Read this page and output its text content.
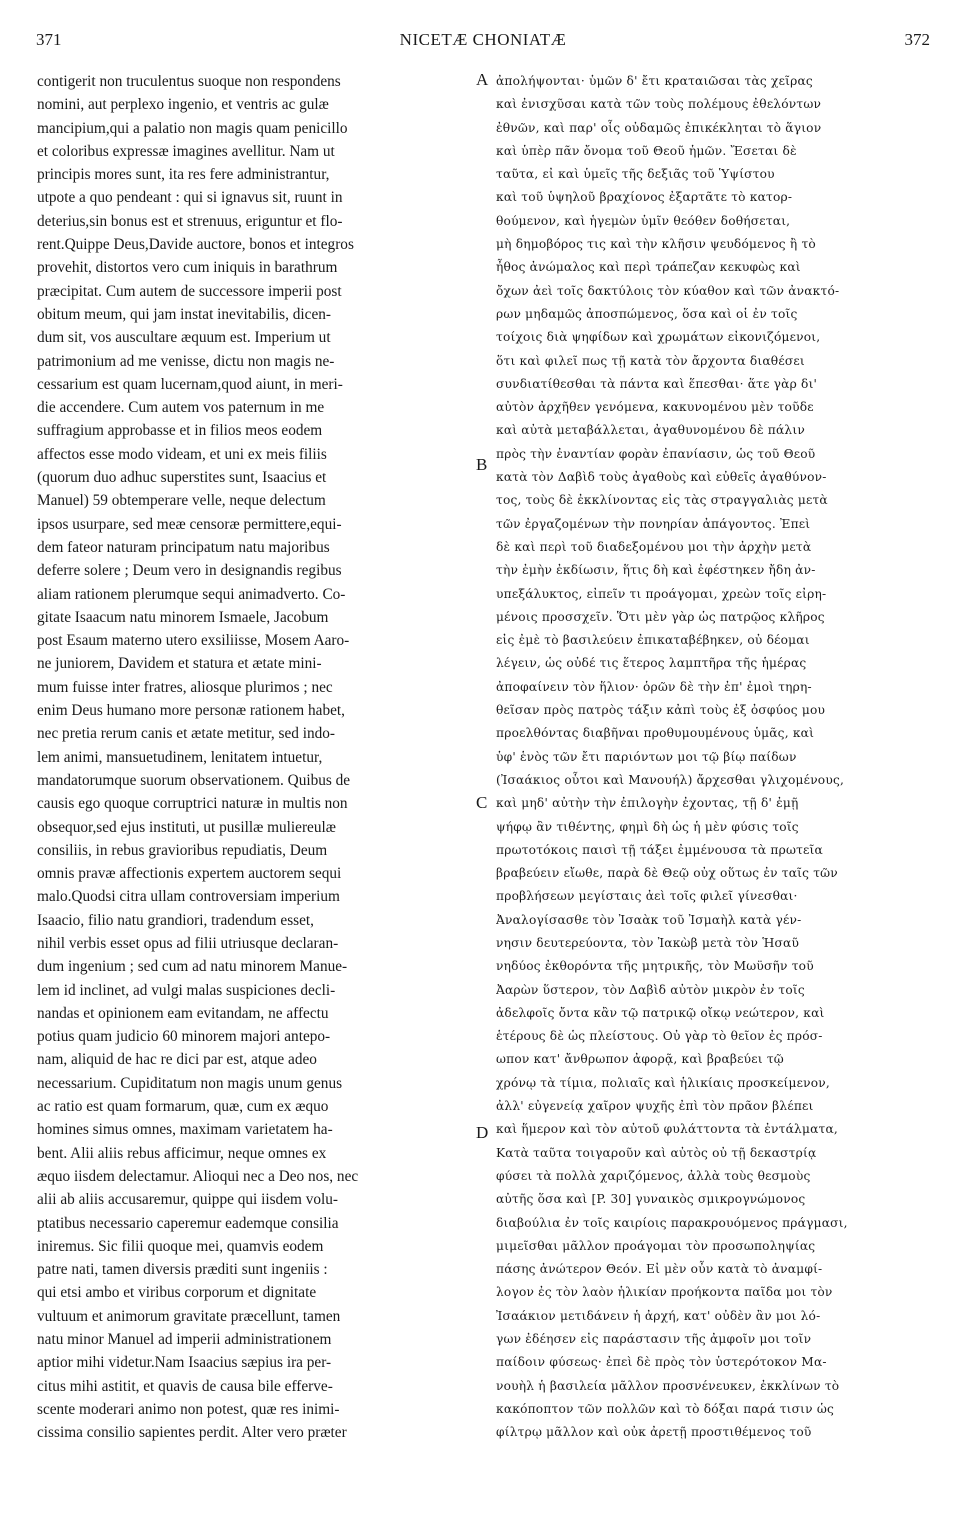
371	NICETÆ CHONIATÆ	372
contigerit non truculentus suoque non respondens
nomini, aut perplexo ingenio, et ventris ac gulæ
mancipium,qui a palatio non magis quam penicillo
et coloribus expressæ imagines avellitur. Nam ut
principis mores sunt, ita res fere administrantur,
utpote a quo pendeant : qui si ignavus sit, ruunt in
deterius,sin bonus est et strenuus, eriguntur et flo-
rent.Quippe Deus,Davide auctore, bonos et integros
provehit, distortos vero cum iniquis in barathrum
præcipitat. Cum autem de successore imperii post
obitum meum, qui jam instat inevitabilis, dicen-
dum sit, vos auscultare æquum est. Imperium ut
patrimonium ad me venisse, dictu non magis ne-
cessarium est quam lucernam,quod aiunt, in meri-
die accendere. Cum autem vos paternum in me
suffragium approbasse et in filios meos eodem
affectos esse modo videam, et uni ex meis filiis
(quorum duo adhuc superstites sunt, Isaacius et
Manuel) 59 obtemperare velle, neque delectum
ipsos usurpare, sed meæ censoræ permittere,equi-
dem fateor naturam principatum natu majoribus
deferre solere ; Deum vero in designandis regibus
aliam rationem plerumque sequi animadverto. Co-
gitate Isaacum natu minorem Ismaele, Jacobum
post Esaum materno utero exsiliisse, Mosem Aaro-
ne juniorem, Davidem et statura et ætate mini-
mum fuisse inter fratres, aliosque plurimos ; nec
enim Deus humano more personæ rationem habet,
nec pretia rerum canis et ætate metitur, sed indo-
lem animi, mansuetudinem, lenitatem intuetur,
mandatorumque suorum observationem. Quibus de
causis ego quoque corruptrici naturæ in multis non
obsequor,sed ejus instituti, ut pusillæ muliereulæ
consiliis, in rebus gravioribus repudiatis, Deum
omnis pravæ affectionis expertem auctorem sequi
malo.Quodsi citra ullam controversiam imperium
Isaacio, filio natu grandiori, tradendum esset,
nihil verbis esset opus ad filii utriusque declaran-
dum ingenium ; sed cum ad natu minorem Manue-
lem id inclinet, ad vulgi malas suspiciones decli-
nandas et opinionem eam evitandam, ne affectu
potius quam judicio 60 minorem majori antepo-
nam, aliquid de hac re dici par est, atque adeo
necessarium. Cupiditatum non magis unum genus
ac ratio est quam formarum, quæ, cum ex æquo
homines simus omnes, maximam varietatem ha-
bent. Alii aliis rebus afficimur, neque omnes ex
æquo iisdem delectamur. Alioqui nec a Deo nos, nec
alii ab aliis accusaremur, quippe qui iisdem volu-
ptatibus necessario caperemur eademque consilia
iniremus. Sic filii quoque mei, quamvis eodem
patre nati, tamen diversis præditi sunt ingeniis :
qui etsi ambo et viribus corporum et dignitate
vultuum et animorum gravitate præcellunt, tamen
natu minor Manuel ad imperii administrationem
aptior mihi videtur.Nam Isaacius sæpius ira per-
citus mihi astitit, et quavis de causa bile efferve-
scente moderari animo non potest, quæ res inimi-
cissima consilio sapientes perdit. Alter vero præter
ἀπολήψονται· ὑμῶν δ' ἔτι κραταιῶσαι τὰς χεῖρας
καὶ ἐνισχῦσαι κατὰ τῶν τοὺς πολέμους ἐθελόντων
ἐθνῶν, καὶ παρ' οἷς οὐδαμῶς ἐπικέκληται τὸ ἅγιον
καὶ ὑπὲρ πᾶν ὄνομα τοῦ Θεοῦ ἡμῶν. Ἔσεται δὲ
ταῦτα, εἰ καὶ ὑμεῖς τῆς δεξιᾶς τοῦ Ὑψίστου
καὶ τοῦ ὑψηλοῦ βραχίονος ἐξαρτᾶτε τὸ κατορ-
θούμενον, καὶ ἡγεμὼν ὑμῖν θεόθεν δοθήσεται,
μὴ δημοβόρος τις καὶ τὴν κλῆσιν ψευδόμενος ἢ τὸ
ἦθος ἀνώμαλος καὶ περὶ τράπεζαν κεκυφὼς καὶ
ὄχων ἀεὶ τοῖς δακτύλοις τὸν κύαθον καὶ τῶν ἀνακτό-
ρων μηδαμῶς ἀποσπώμενος, ὅσα καὶ οἱ ἐν τοῖς
τοίχοις διὰ ψηφίδων καὶ χρωμάτων εἰκονιζόμενοι,
ὅτι καὶ φιλεῖ πως τῇ κατὰ τὸν ἄρχοντα διαθέσει
συνδιατίθεσθαι τὰ πάντα καὶ ἕπεσθαι· ἅτε γὰρ δι'
αὐτὸν ἀρχῆθεν γενόμενα, κακυνομένου μὲν τοῦδε
καὶ αὐτὰ μεταβάλλεται, ἀγαθυνομένου δὲ πάλιν
πρὸς τὴν ἐναντίαν φορὰν ἐπανίασιν, ὡς τοῦ Θεοῦ
κατὰ τὸν Δαβὶδ τοὺς ἀγαθοὺς καὶ εὐθεῖς ἀγαθύνον-
τος, τοὺς δὲ ἐκκλίνοντας εἰς τὰς στραγγαλιὰς μετὰ
τῶν ἐργαζομένων τὴν πονηρίαν ἀπάγοντος. Ἐπεὶ
δὲ καὶ περὶ τοῦ διαδεξομένου μοι τὴν ἀρχὴν μετὰ
τὴν ἐμὴν ἐκδίωσιν, ἥτις δὴ καὶ ἐφέστηκεν ἤδη ἀν-
υπεξάλυκτος, εἰπεῖν τι προάγομαι, χρεὼν τοῖς εἰρη-
μένοις προσσχεῖν. Ὅτι μὲν γὰρ ὡς πατρῷος κλῆρος
εἰς ἐμὲ τὸ βασιλεύειν ἐπικαταβέβηκεν, οὐ δέομαι
λέγειν, ὡς οὐδέ τις ἕτερος λαμπτῆρα τῆς ἡμέρας
ἀποφαίνειν τὸν ἥλιον· ὁρῶν δὲ τὴν ἐπ' ἐμοὶ τηρη-
θεῖσαν πρὸς πατρὸς τάξιν κἀπὶ τοὺς ἐξ ὀσφύος μου
προελθόντας διαβῆναι προθυμουμένους ὑμᾶς, καὶ
ὑφ' ἑνὸς τῶν ἔτι παριόντων μοι τῷ βίῳ παίδων
(Ἰσαάκιος οὗτοι καὶ Μανουήλ) ἄρχεσθαι γλιχομένους,
καὶ μηδ' αὐτὴν τὴν ἐπιλογὴν ἐχοντας, τῇ δ' ἐμῇ
ψήφῳ ἂν τιθέντης, φημὶ δὴ ὡς ἡ μὲν φύσις τοῖς
πρωτοτόκοις παισὶ τῇ τάξει ἐμμένουσα τὰ πρωτεῖα
βραβεύειν εἴωθε, παρὰ δὲ Θεῷ οὐχ οὕτως ἐν ταῖς τῶν
προβλήσεων μεγίσταις ἀεὶ τοῖς φιλεῖ γίνεσθαι·
Ἀναλογίσασθε τὸν Ἰσαὰκ τοῦ Ἰσμαὴλ κατὰ γέν-
νησιν δευτερεύοντα, τὸν Ἰακὼβ μετὰ τὸν Ἡσαῦ
νηδύος ἐκθορόντα τῆς μητρικῆς, τὸν Μωϋσῆν τοῦ
Ἀαρὼν ὕστερον, τὸν Δαβὶδ αὐτὸν μικρὸν ἐν τοῖς
ἀδελφοῖς ὄντα κἂν τῷ πατρικῷ οἴκῳ νεώτερον, καὶ
ἑτέρους δὲ ὡς πλείστους. Οὐ γὰρ τὸ θεῖον ἐς πρόσ-
ωπον κατ' ἄνθρωπον ἀφορᾷ, καὶ βραβεύει τῷ
χρόνῳ τὰ τίμια, πολιαῖς καὶ ἡλικίαις προσκείμενον,
ἀλλ' εὐγενείᾳ χαῖρον ψυχῆς ἐπὶ τὸν πρᾶον βλέπει
καὶ ἥμερον καὶ τὸν αὐτοῦ φυλάττοντα τὰ ἐντάλματα,
Κατὰ ταῦτα τοιγαροῦν καὶ αὐτὸς οὐ τῇ δεκαστρίᾳ
φύσει τὰ πολλὰ χαριζόμενος, ἀλλὰ τοὺς θεσμοὺς
αὐτῆς ὅσα καὶ [P. 30] γυναικὸς σμικρογνώμονος
διαβούλια ἐν τοῖς καιρίοις παρακρουόμενος πράγμασι,
μιμεῖσθαι μᾶλλον προάγομαι τὸν προσωποληψίας
πάσης ἀνώτερον Θεόν. Εἰ μὲν οὖν κατὰ τὸ ἀναμφί-
λογον ἐς τὸν λαὸν ἡλικίαν προήκοντα παῖδα μοι τὸν
Ἰσαάκιον μετιδάνειν ἡ ἀρχή, κατ' οὐδὲν ἂν μοι λό-
γων ἐδέησεν εἰς παράστασιν τῆς ἀμφοῖν μοι τοῖν
παίδοιν φύσεως· ἐπεὶ δὲ πρὸς τὸν ὑστερότοκον Μα-
νουὴλ ἡ βασιλεία μᾶλλον προσνένευκεν, ἐκκλίνων τὸ
κακόποπτον τῶν πολλῶν καὶ τὸ δόξαι παρά τισιν ὡς
φίλτρῳ μᾶλλον καὶ οὐκ ἀρετῇ προστιθέμενος τοῦ
A
B
C
D
